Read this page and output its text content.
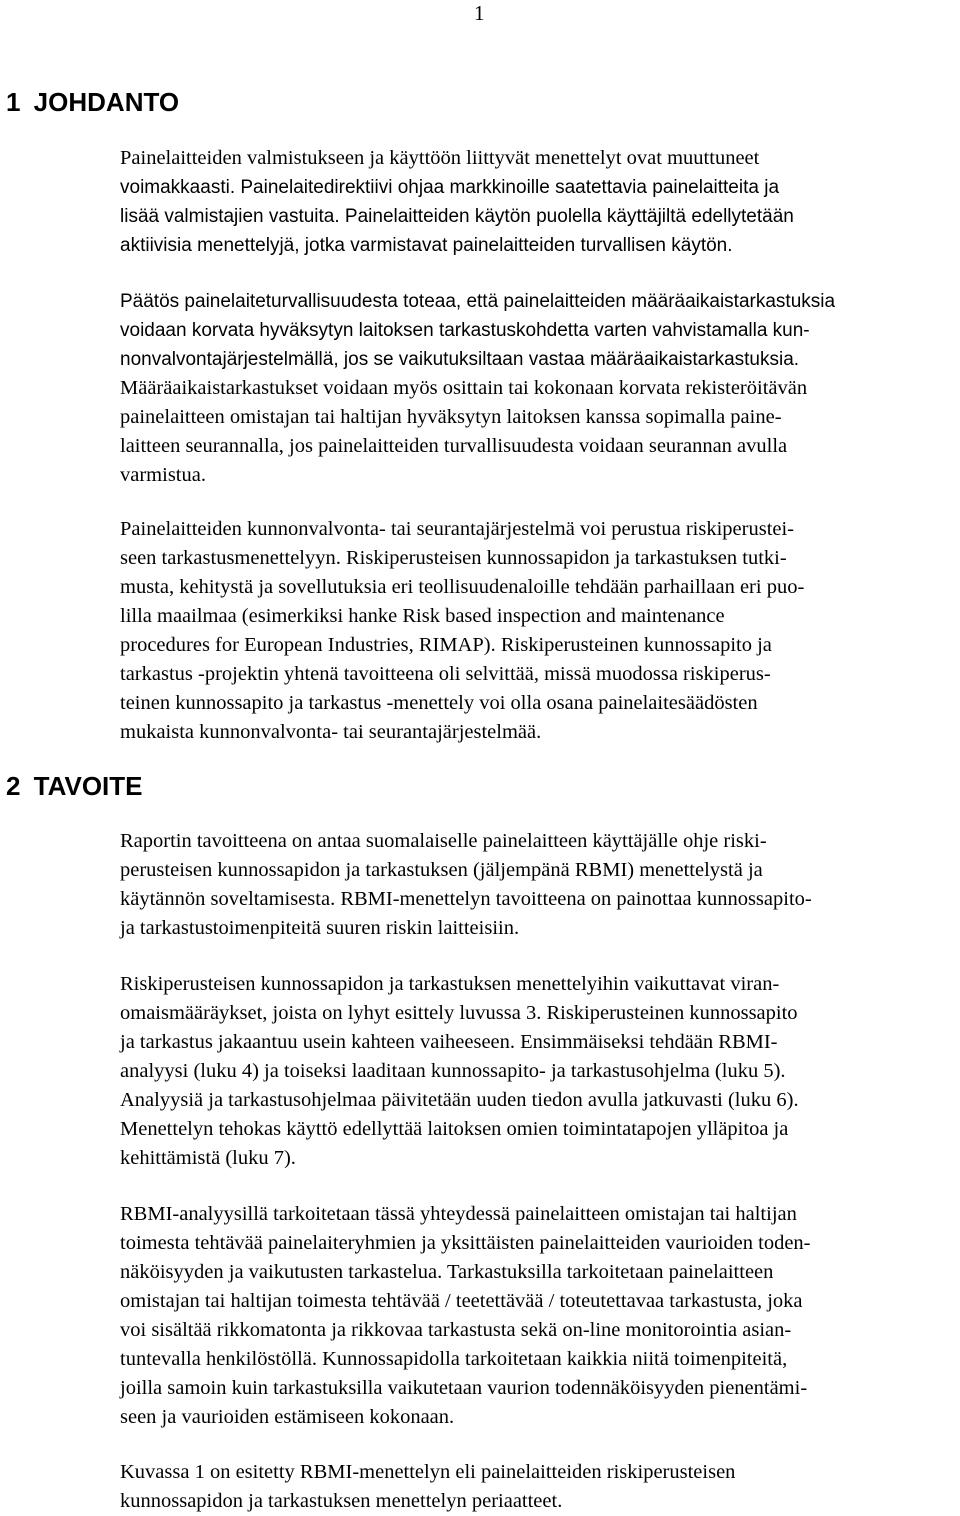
1
1 JOHDANTO
Painelaitteiden valmistukseen ja käyttöön liittyvät menettelyt ovat muuttuneet
voimakkaasti. Painelaitedirektiivi ohjaa markkinoille saatettavia painelaitteita ja
lisää valmistajien vastuita. Painelaitteiden käytön puolella käyttäjiltä edellytetään
aktiivisia menettelyjä, jotka varmistavat painelaitteiden turvallisen käytön.
Päätös painelaiteturvallisuudesta toteaa, että painelaitteiden määräaikaistarkastuksia
voidaan korvata hyväksytyn laitoksen tarkastuskohdetta varten vahvistamalla kun-
nonvalvontajärjestelmällä, jos se vaikutuksiltaan vastaa määräaikaistarkastuksia.
Määräaikaistarkastukset voidaan myös osittain tai kokonaan korvata rekisteröitävän
painelaitteen omistajan tai haltijan hyväksytyn laitoksen kanssa sopimalla paine-
laitteen seurannalla, jos painelaitteiden turvallisuudesta voidaan seurannan avulla
varmistua.
Painelaitteiden kunnonvalvonta- tai seurantajärjestelmä voi perustua riskiperustei-
seen tarkastusmenettelyyn. Riskiperusteisen kunnossapidon ja tarkastuksen tutki-
musta, kehitystä ja sovellutuksia eri teollisuudenaloille tehdään parhaillaan eri puo-
lilla maailmaa (esimerkiksi hanke Risk based inspection and maintenance
procedures for European Industries, RIMAP). Riskiperusteinen kunnossapito ja
tarkastus -projektin yhtenä tavoitteena oli selvittää, missä muodossa riskiperus-
teinen kunnossapito ja tarkastus -menettely voi olla osana painelaitesäädösten
mukaista kunnonvalvonta- tai seurantajärjestelmää.
2 TAVOITE
Raportin tavoitteena on antaa suomalaiselle painelaitteen käyttäjälle ohje riski-
perusteisen kunnossapidon ja tarkastuksen (jäljempänä RBMI) menettelystä ja
käytännön soveltamisesta. RBMI-menettelyn tavoitteena on painottaa kunnossapito-
ja tarkastustoimenpiteitä suuren riskin laitteisiin.
Riskiperusteisen kunnossapidon ja tarkastuksen menettelyihin vaikuttavat viran-
omaismääräykset, joista on lyhyt esittely luvussa 3. Riskiperusteinen kunnossapito
ja tarkastus jakaantuu usein kahteen vaiheeseen. Ensimmäiseksi tehdään RBMI-
analyysi (luku 4) ja toiseksi laaditaan kunnossapito- ja tarkastusohjelma (luku 5).
Analyysiä ja tarkastusohjelmaa päivitetään uuden tiedon avulla jatkuvasti (luku 6).
Menettelyn tehokas käyttö edellyttää laitoksen omien toimintatapojen ylläpitoa ja
kehittämistä (luku 7).
RBMI-analyysillä tarkoitetaan tässä yhteydessä painelaitteen omistajan tai haltijan
toimesta tehtävää painelaiteryhmien ja yksittäisten painelaitteiden vaurioiden toden-
näköisyyden ja vaikutusten tarkastelua. Tarkastuksilla tarkoitetaan painelaitteen
omistajan tai haltijan toimesta tehtävää / teetettävää / toteutettavaa tarkastusta, joka
voi sisältää rikkomatonta ja rikkovaa tarkastusta sekä on-line monitorointia asian-
tuntevalla henkilöstöllä. Kunnossapidolla tarkoitetaan kaikkia niitä toimenpiteitä,
joilla samoin kuin tarkastuksilla vaikutetaan vaurion todennäköisyyden pienentämi-
seen ja vaurioiden estämiseen kokonaan.
Kuvassa 1 on esitetty RBMI-menettelyn eli painelaitteiden riskiperusteisen
kunnossapidon ja tarkastuksen menettelyn periaatteet.
